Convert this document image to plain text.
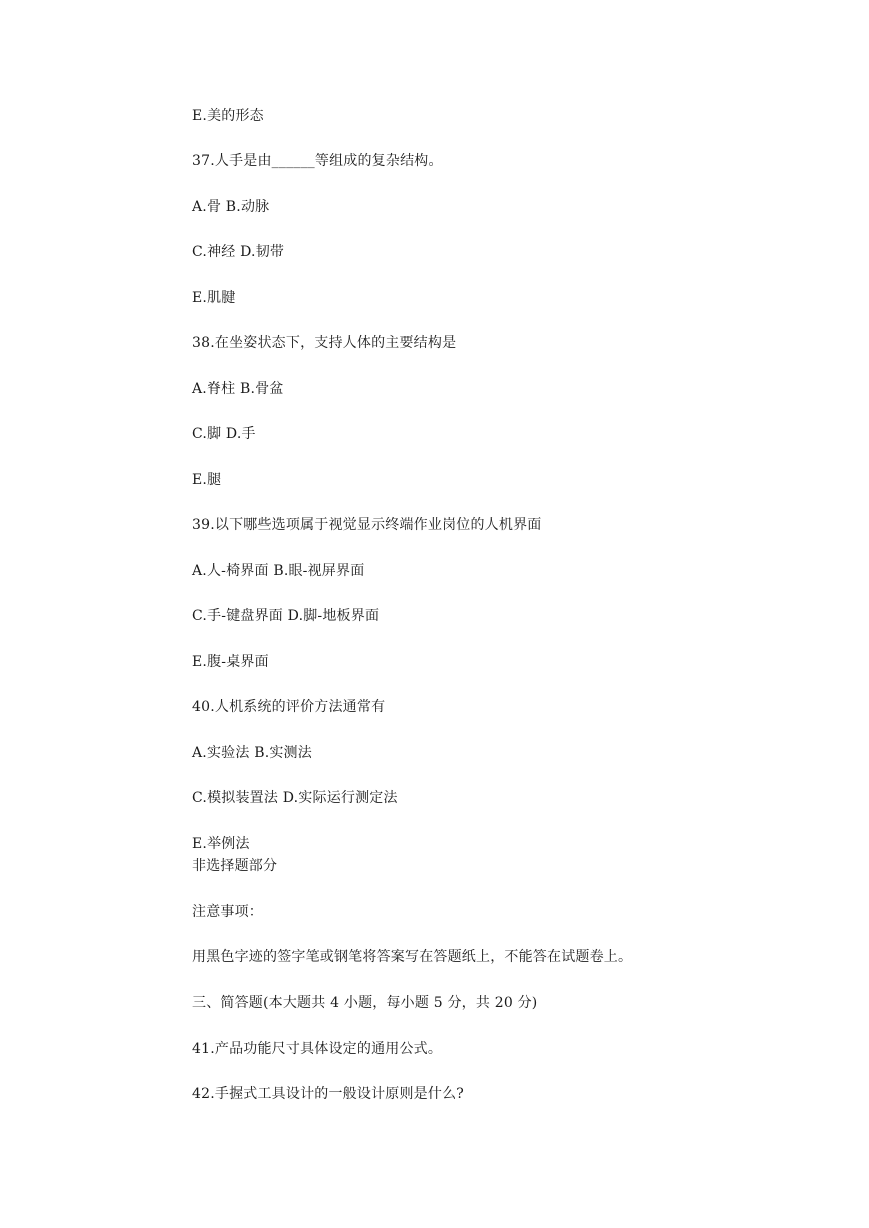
E.美的形态
37.人手是由______等组成的复杂结构。
A.骨 B.动脉
C.神经 D.韧带
E.肌腱
38.在坐姿状态下，支持人体的主要结构是
A.脊柱 B.骨盆
C.脚 D.手
E.腿
39.以下哪些选项属于视觉显示终端作业岗位的人机界面
A.人-椅界面 B.眼-视屏界面
C.手-键盘界面 D.脚-地板界面
E.腹-桌界面
40.人机系统的评价方法通常有
A.实验法 B.实测法
C.模拟装置法 D.实际运行测定法
E.举例法
非选择题部分
注意事项：
用黑色字迹的签字笔或钢笔将答案写在答题纸上，不能答在试题卷上。
三、简答题(本大题共 4 小题，每小题 5 分，共 20 分)
41.产品功能尺寸具体设定的通用公式。
42.手握式工具设计的一般设计原则是什么?
